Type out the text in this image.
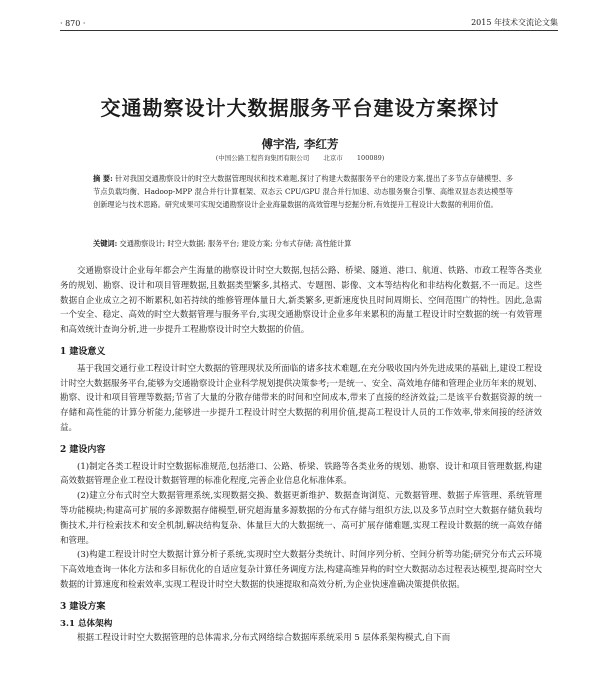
· 870 ·	2015 年技术交流论文集
交通勘察设计大数据服务平台建设方案探讨
傅宇浩, 李红芳
(中国公路工程咨询集团有限公司 北京市 100089)
摘 要: 针对我国交通勘察设计的时空大数据管理现状和技术难题,探讨了构建大数据服务平台的建设方案,提出了多节点存储模型、多节点负载均衡、Hadoop-MPP 混合并行计算框架、双态云 CPU/GPU 混合并行加速、动态服务聚合引擎、高维双显态表达模型等创新理论与技术思路。研究成果可实现交通勘察设计企业海量数据的高效管理与挖掘分析,有效提升工程设计大数据的利用价值。
关键词: 交通勘察设计; 时空大数据; 服务平台; 建设方案; 分布式存储; 高性能计算

交通勘察设计企业每年都会产生海量的勘察设计时空大数据,包括公路、桥梁、隧道、港口、航道、铁路、市政工程等各类业务的规划、勘察、设计和项目管理数据,且数据类型繁多,其格式、专题图、影像、文本等结构化和非结构化数据,不一而足。这些数据自企业成立之初不断累积,如若持续的维修管理体量日大,新类繁多,更新速度快且时间周期长、空间范围广的特性。因此,急需一个安全、稳定、高效的时空大数据管理与服务平台,实现交通勘察设计企业多年来累积的海量工程设计时空数据的统一有效管理和高效统计查询分析,进一步提升工程勘察设计时空大数据的价值。

1 建设意义

基于我国交通行业工程设计时空大数据的管理现状及所面临的诸多技术难题,在充分吸收国内外先进成果的基础上,建设工程设计时空大数据服务平台,能够为交通勘察设计企业科学规划提供决策参考;一是统一、安全、高效地存储和管理企业历年来的规划、勘察、设计和项目管理等数据;节省了大量的分散存储带来的时间和空间成本,带来了直接的经济效益;二是该平台数据资源的统一存储和高性能的计算分析能力,能够进一步提升工程设计时空大数据的利用价值,提高工程设计人员的工作效率,带来间接的经济效益。

2 建设内容

(1)制定各类工程设计时空数据标准规范,包括港口、公路、桥梁、铁路等各类业务的规划、勘察、设计和项目管理数据,构建高效数据管理企业工程设计数据管理的标准化程度,完善企业信息化标准体系。

(2)建立分布式时空大数据管理系统,实现数据交换、数据更新维护、数据查询浏览、元数据管理、数据子库管理、系统管理等功能模块;构建高可扩展的多源数据存储模型,研究超海量多源数据的分布式存储与组织方法,以及多节点时空大数据存储负载均衡技术,并行检索技术和安全机制,解决结构复杂、体量巨大的大数据统一、高可扩展存储难题,实现工程设计数据的统一高效存储和管理。

(3)构建工程设计时空大数据计算分析子系统,实现时空大数据分类统计、时间序列分析、空间分析等功能;研究分布式云环境下高效地查询一体化方法和多目标优化的自适应复杂计算任务调度方法,构建高维异构的时空大数据动态过程表达模型,提高时空大数据的计算速度和检索效率,实现工程设计时空大数据的快速提取和高效分析,为企业快速准确决策提供依据。

3 建设方案
3.1 总体架构

根据工程设计时空大数据管理的总体需求,分布式网络综合数据库系统采用 5 层体系架构模式,自下而
